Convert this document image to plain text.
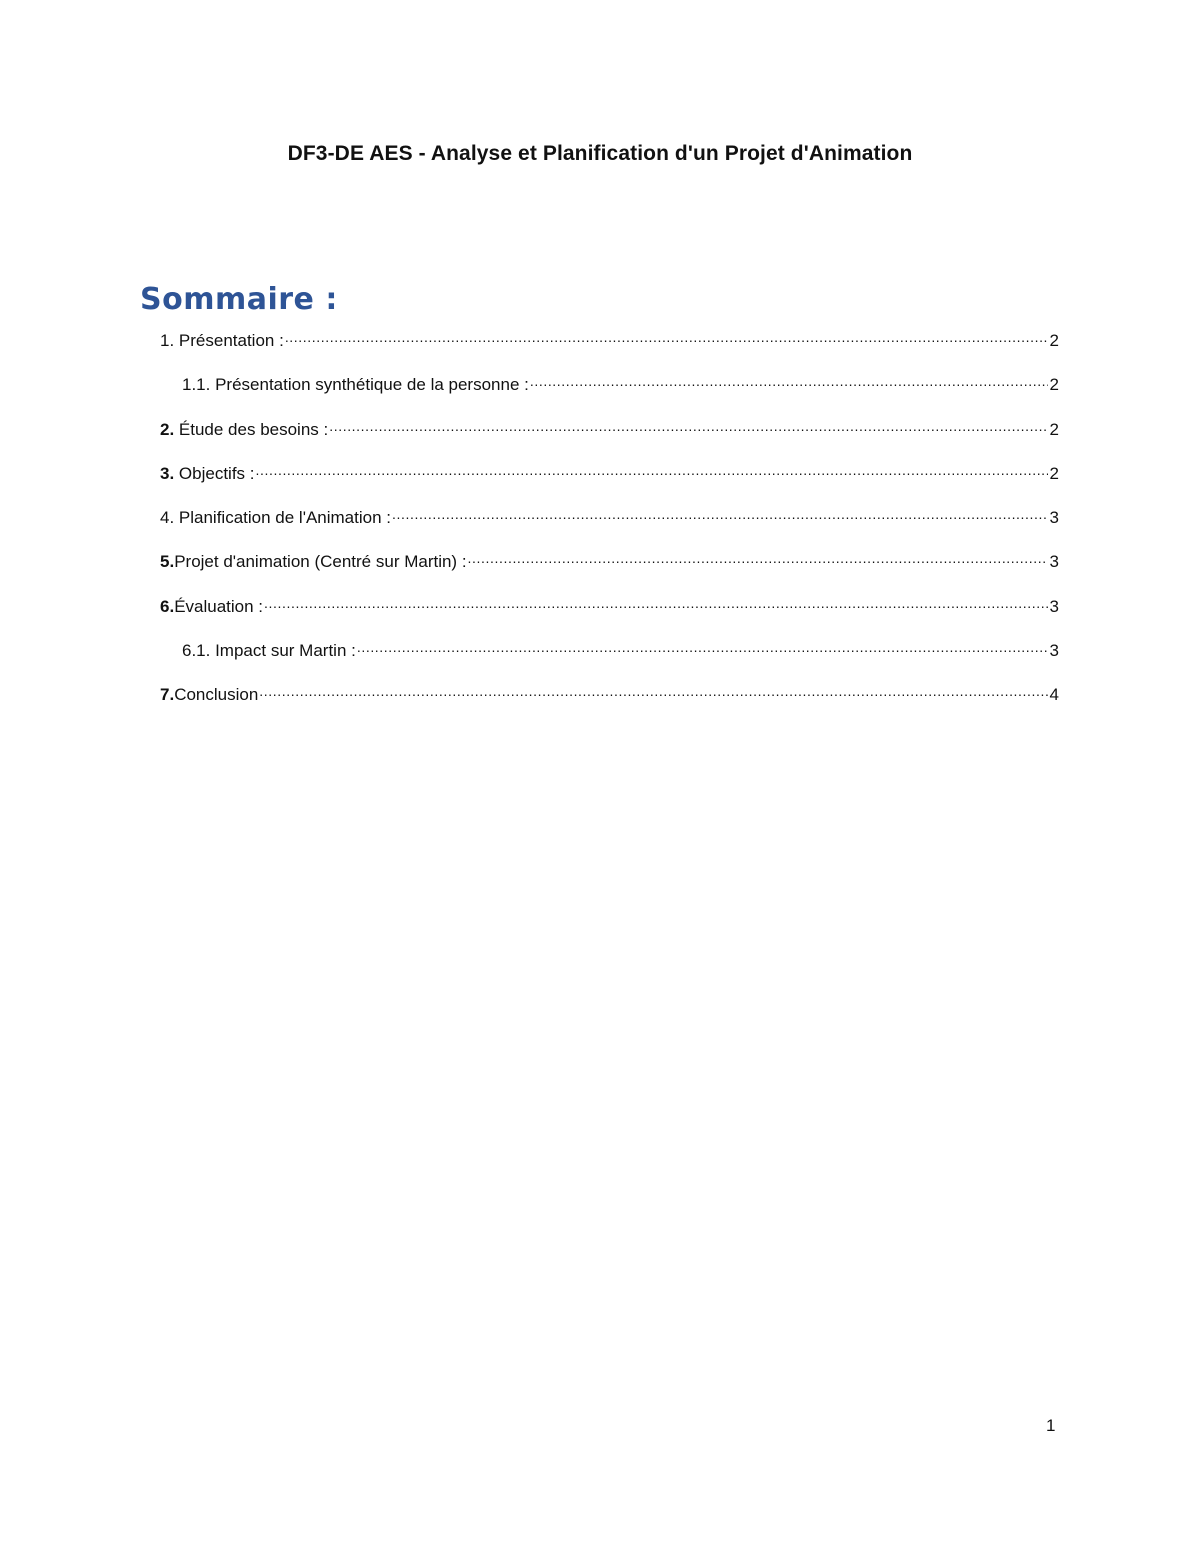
DF3-DE AES - Analyse et Planification d'un Projet d'Animation
Sommaire :
1. Présentation : .....	2
1.1. Présentation synthétique de la personne : .....	2
2. Étude des besoins : .....	2
3. Objectifs : .....	2
4. Planification de l'Animation : .....	3
5.Projet d'animation (Centré sur Martin) : .....	3
6.Évaluation : .....	3
6.1. Impact sur Martin : .....	3
7.Conclusion .....	4
1
